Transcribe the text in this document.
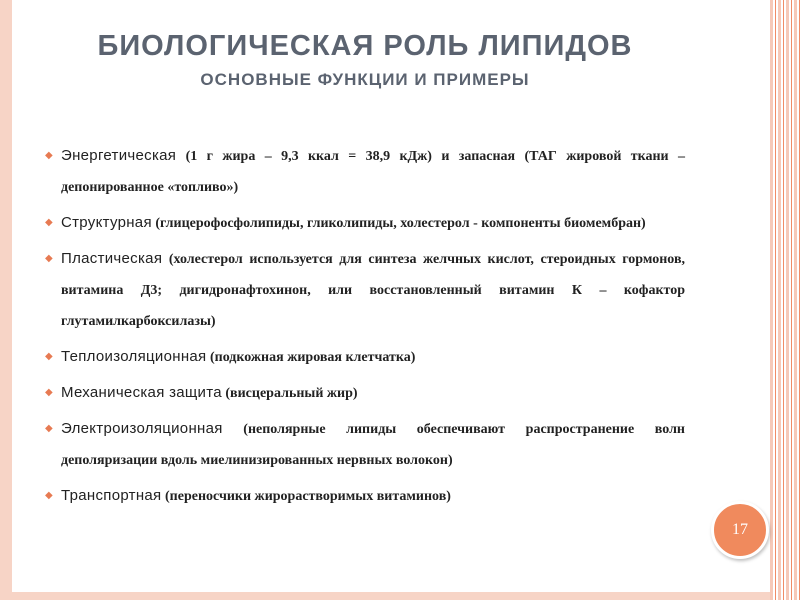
БИОЛОГИЧЕСКАЯ РОЛЬ ЛИПИДОВ
ОСНОВНЫЕ ФУНКЦИИ И ПРИМЕРЫ
◆ Энергетическая (1 г жира – 9,3 ккал = 38,9 кДж) и запасная (ТАГ жировой ткани – депонированное «топливо»)
◆ Структурная (глицерофосфолипиды, гликолипиды, холестерол - компоненты биомембран)
◆ Пластическая (холестерол используется для синтеза желчных кислот, стероидных гормонов, витамина Д3; дигидронафтохинон, или восстановленный витамин К – кофактор глутамилкарбоксилазы)
◆ Теплоизоляционная (подкожная жировая клетчатка)
◆ Механическая защита (висцеральный жир)
◆ Электроизоляционная (неполярные липиды обеспечивают распространение волн деполяризации вдоль миелинизированных нервных волокон)
◆ Транспортная (переносчики жирорастворимых витаминов)
17
